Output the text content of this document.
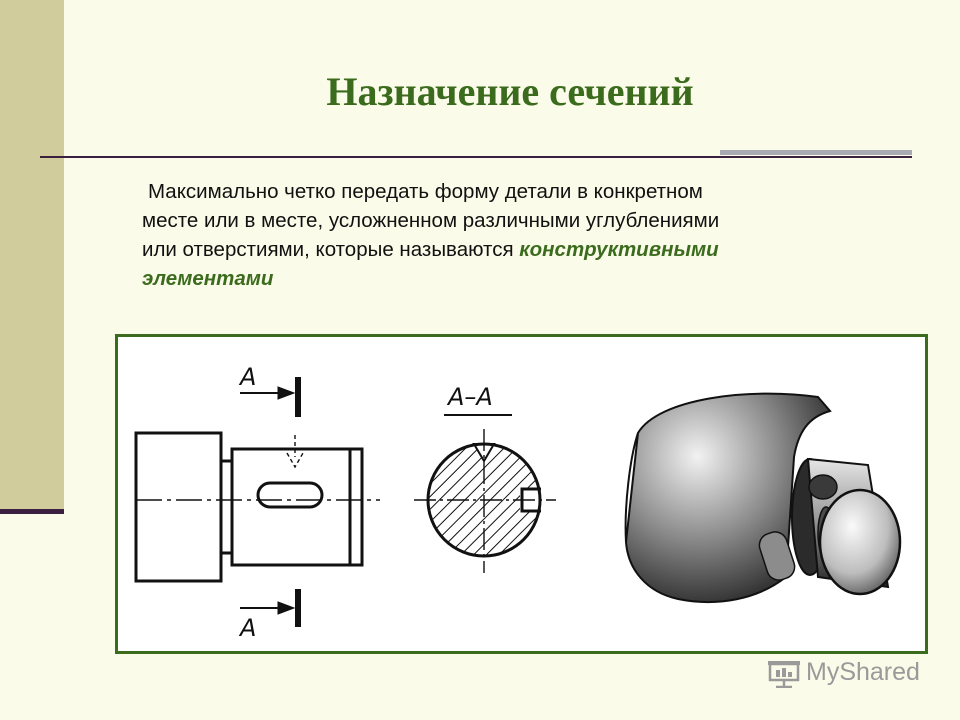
Назначение сечений

Максимально четко передать форму детали в конкретном
месте или в месте, усложненном различными углублениями
или отверстиями, которые называются конструктивными
элементами

A
A
A–A
MyShared
